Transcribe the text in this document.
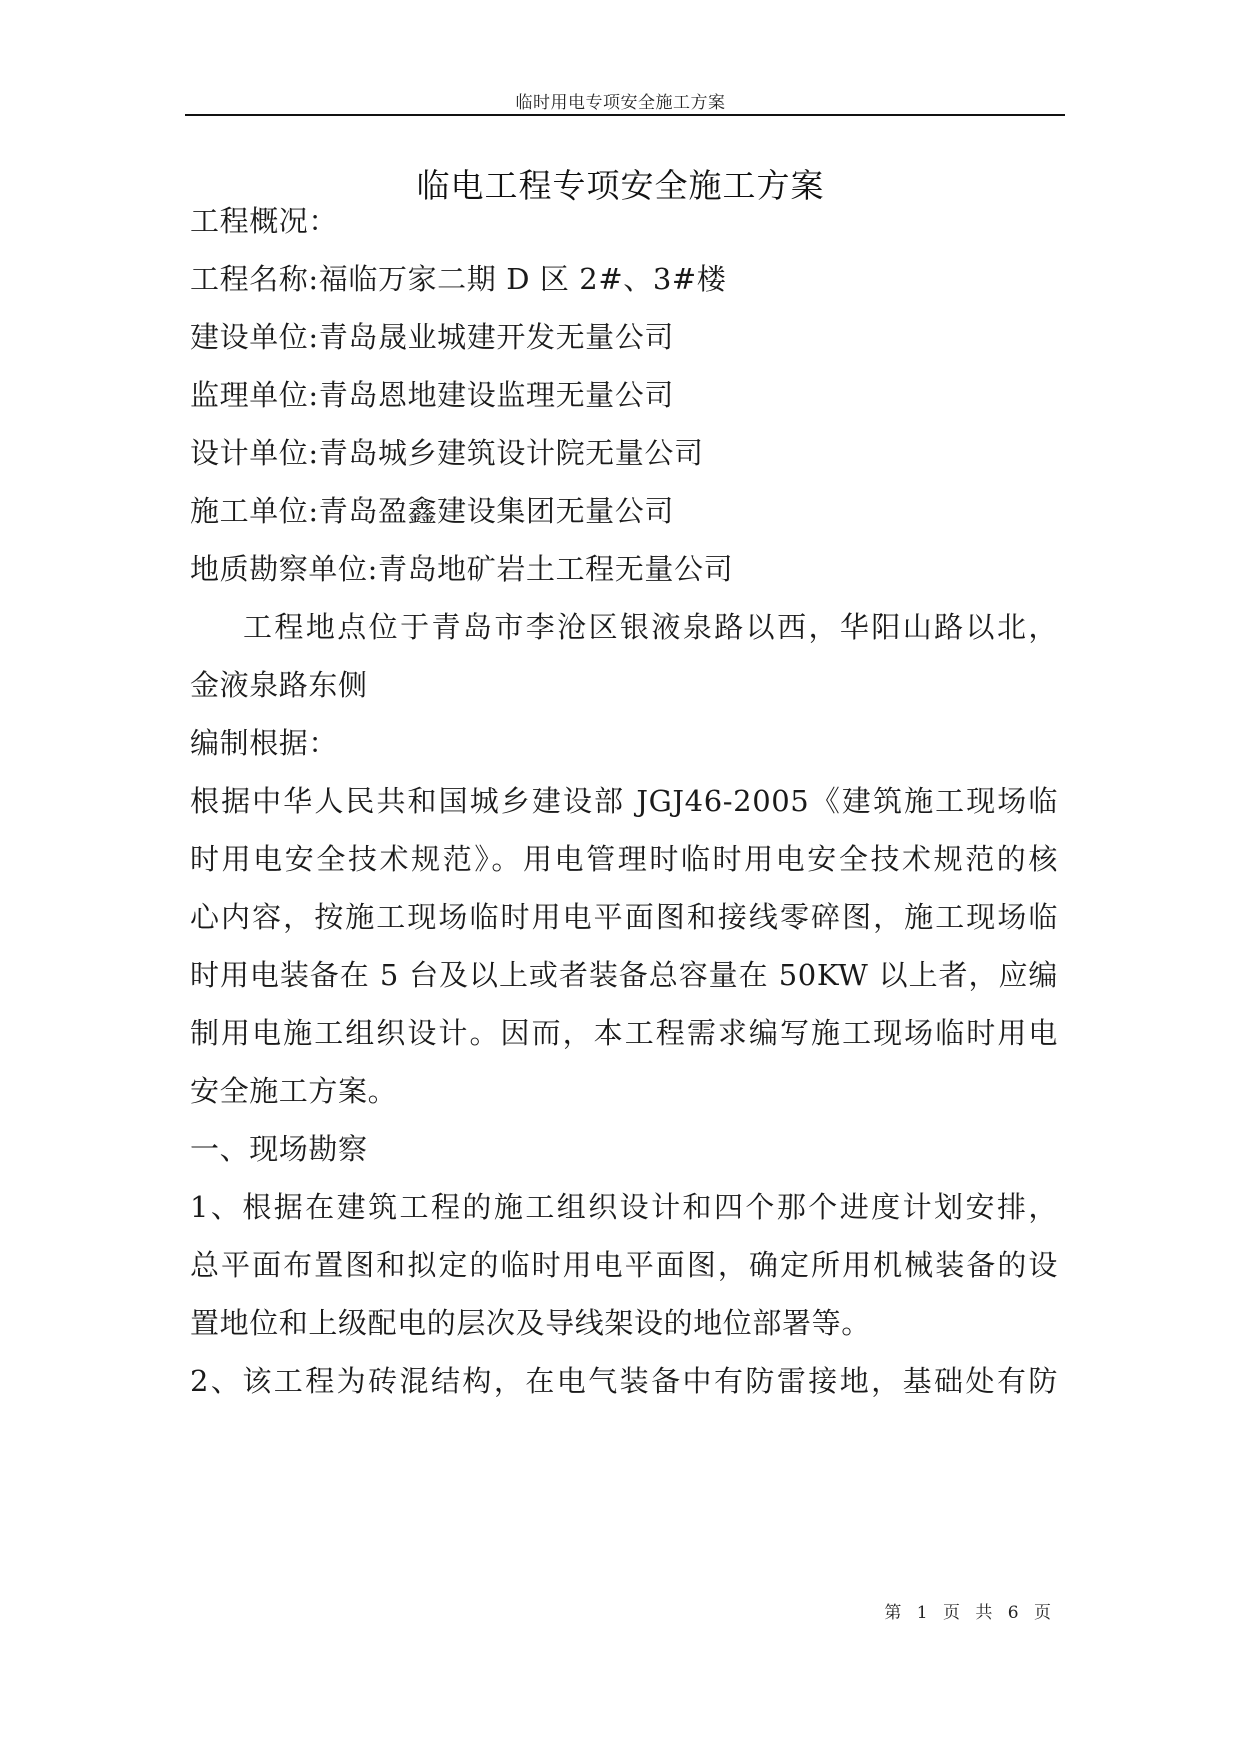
临时用电专项安全施工方案
临电工程专项安全施工方案
工程概况：
工程名称:福临万家二期 D 区 2#、3#楼
建设单位:青岛晟业城建开发无量公司
监理单位:青岛恩地建设监理无量公司
设计单位:青岛城乡建筑设计院无量公司
施工单位:青岛盈鑫建设集团无量公司
地质勘察单位:青岛地矿岩土工程无量公司
工程地点位于青岛市李沧区银液泉路以西，华阳山路以北，
金液泉路东侧
编制根据：
根据中华人民共和国城乡建设部 JGJ46-2005《建筑施工现场临
时用电安全技术规范》。用电管理时临时用电安全技术规范的核
心内容，按施工现场临时用电平面图和接线零碎图，施工现场临
时用电装备在 5 台及以上或者装备总容量在 50KW 以上者，应编
制用电施工组织设计。因而，本工程需求编写施工现场临时用电
安全施工方案。
一、现场勘察
1、根据在建筑工程的施工组织设计和四个那个进度计划安排，
总平面布置图和拟定的临时用电平面图，确定所用机械装备的设
置地位和上级配电的层次及导线架设的地位部署等。
2、该工程为砖混结构，在电气装备中有防雷接地，基础处有防
第 1 页 共 6 页
